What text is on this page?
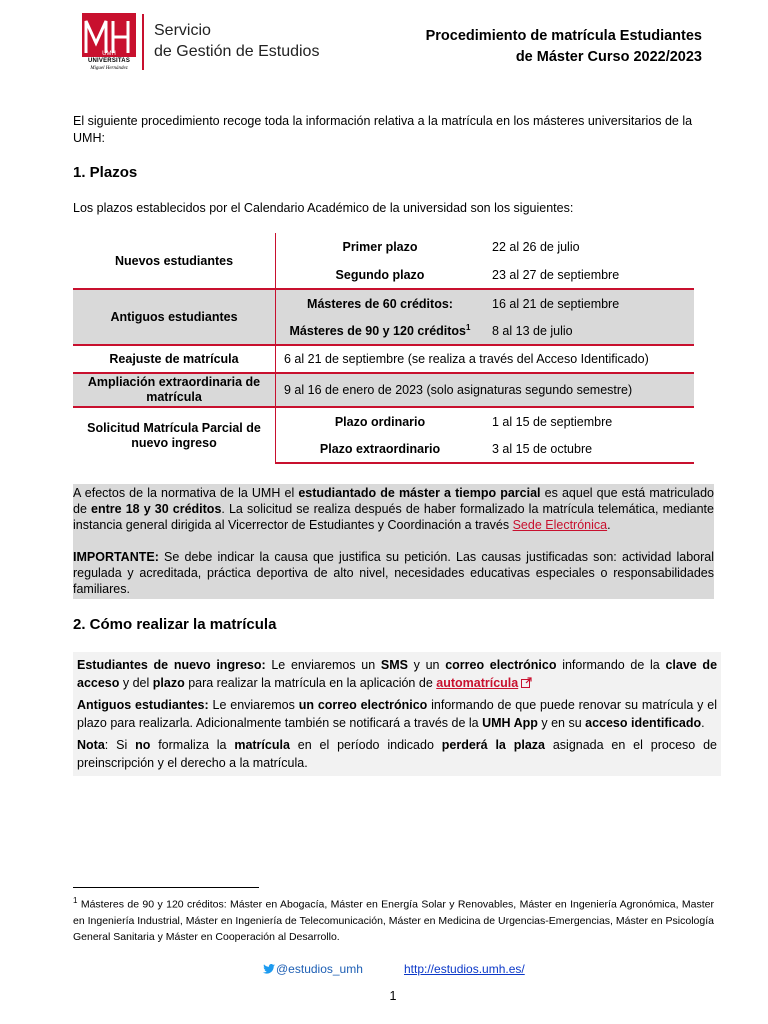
UMH
UNIVERSITAS
Miguel Hernández
Servicio
de Gestión de Estudios
Procedimiento de matrícula Estudiantes
de Máster Curso 2022/2023
El siguiente procedimiento recoge toda la información relativa a la matrícula en los másteres universitarios de la UMH:
1. Plazos
Los plazos establecidos por el Calendario Académico de la universidad son los siguientes:
Nuevos estudiantes	Primer plazo	22 al 26 de julio
	Segundo plazo	23 al 27 de septiembre
Antiguos estudiantes	Másteres de 60 créditos:	16 al 21 de septiembre
	Másteres de 90 y 120 créditos$^1$	8 al 13 de julio
Reajuste de matrícula	6 al 21 de septiembre (se realiza a través del Acceso Identificado)	
Ampliación extraordinaria de matrícula	9 al 16 de enero de 2023 (solo asignaturas segundo semestre)	
Solicitud Matrícula Parcial de nuevo ingreso	Plazo ordinario	1 al 15 de septiembre
	Plazo extraordinario	3 al 15 de octubre

A efectos de la normativa de la UMH el estudiantado de máster a tiempo parcial es aquel que está matriculado de entre 18 y 30 créditos. La solicitud se realiza después de haber formalizado la matrícula telemática, mediante instancia general dirigida al Vicerrector de Estudiantes y Coordinación a través Sede Electrónica.

IMPORTANTE: Se debe indicar la causa que justifica su petición. Las causas justificadas son: actividad laboral regulada y acreditada, práctica deportiva de alto nivel, necesidades educativas especiales o responsabilidades familiares.

2. Cómo realizar la matrícula

Estudiantes de nuevo ingreso: Le enviaremos un SMS y un correo electrónico informando de la clave de acceso y del plazo para realizar la matrícula en la aplicación de automatrícula

Antiguos estudiantes: Le enviaremos un correo electrónico informando de que puede renovar su matrícula y el plazo para realizarla. Adicionalmente también se notificará a través de la UMH App y en su acceso identificado.

Nota: Si no formaliza la matrícula en el período indicado perderá la plaza asignada en el proceso de preinscripción y el derecho a la matrícula.

$^1$ Másteres de 90 y 120 créditos: Máster en Abogacía, Máster en Energía Solar y Renovables, Máster en Ingeniería Agronómica, Master en Ingeniería Industrial, Máster en Ingeniería de Telecomunicación, Máster en Medicina de Urgencias-Emergencias, Máster en Psicología General Sanitaria y Máster en Cooperación al Desarrollo.
@estudios_umh	http://estudios.umh.es/
1
